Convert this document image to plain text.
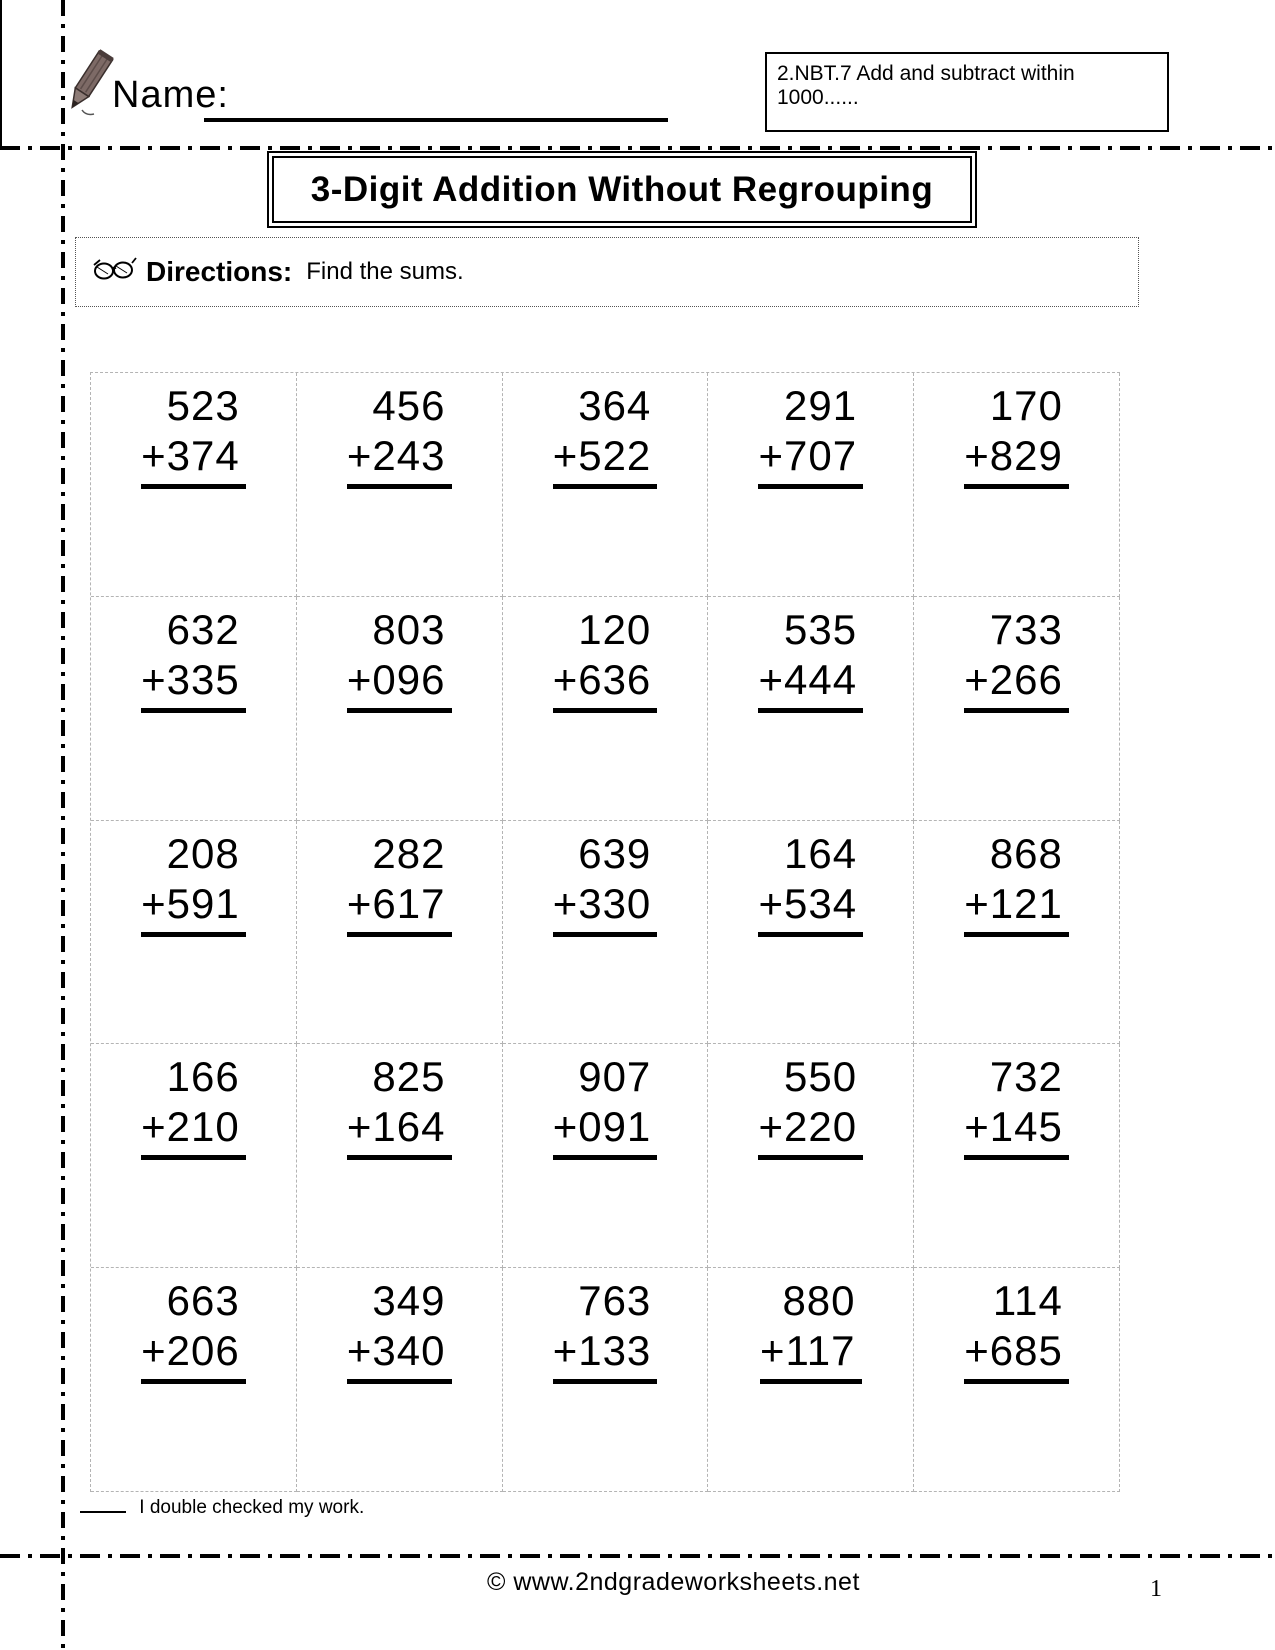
Name:
2.NBT.7 Add and subtract within 1000......
3-Digit Addition Without Regrouping
Directions: Find the sums.
523
+374
456
+243
364
+522
291
+707
170
+829
632
+335
803
+096
120
+636
535
+444
733
+266
208
+591
282
+617
639
+330
164
+534
868
+121
166
+210
825
+164
907
+091
550
+220
732
+145
663
+206
349
+340
763
+133
880
+117
114
+685
I double checked my work.
© www.2ndgradeworksheets.net	1
